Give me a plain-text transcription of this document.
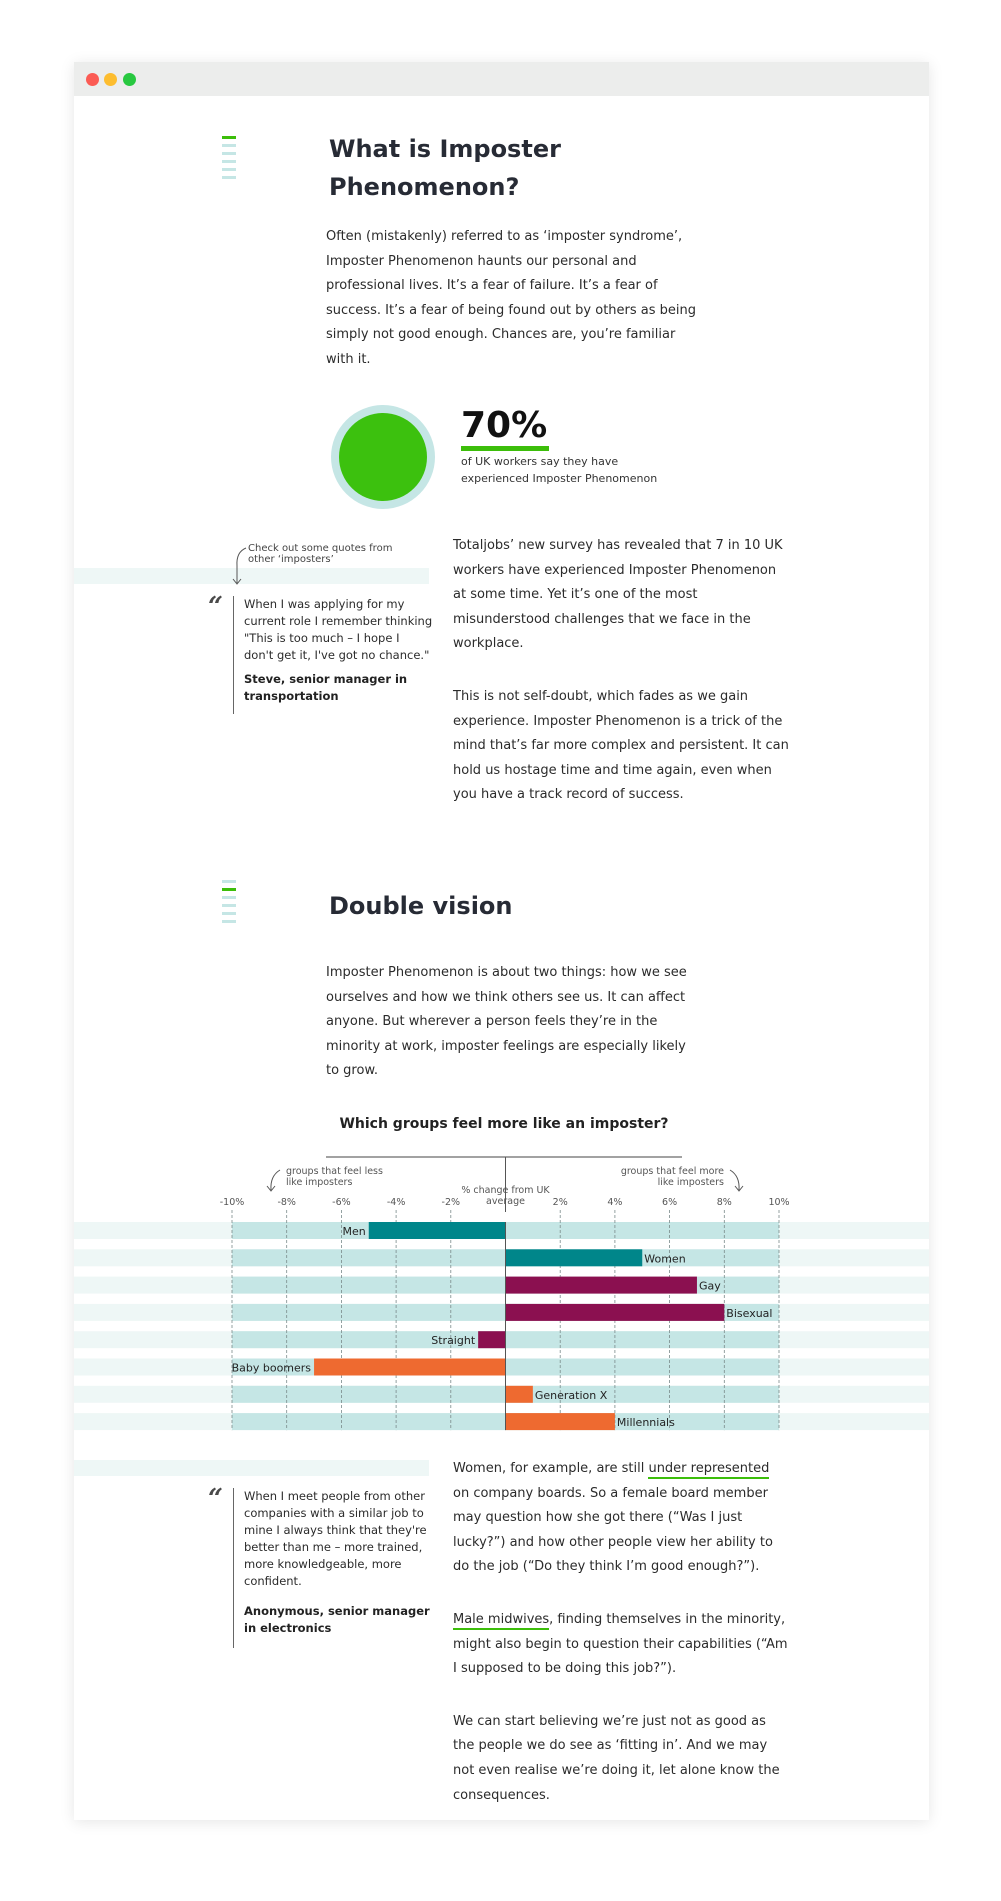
What is Imposter
Phenomenon?
Often (mistakenly) referred to as ‘imposter syndrome’,
Imposter Phenomenon haunts our personal and
professional lives. It’s a fear of failure. It’s a fear of
success. It’s a fear of being found out by others as being
simply not good enough. Chances are, you’re familiar
with it.
70%
of UK workers say they have
experienced Imposter Phenomenon
Check out some quotes from
other ‘imposters’
“ When I was applying for my
current role I remember thinking
"This is too much – I hope I
don't get it, I've got no chance."
Steve, senior manager in
transportation
Totaljobs’ new survey has revealed that 7 in 10 UK
workers have experienced Imposter Phenomenon
at some time. Yet it’s one of the most
misunderstood challenges that we face in the
workplace.
This is not self-doubt, which fades as we gain
experience. Imposter Phenomenon is a trick of the
mind that’s far more complex and persistent. It can
hold us hostage time and time again, even when
you have a track record of success.
Double vision
Imposter Phenomenon is about two things: how we see
ourselves and how we think others see us. It can affect
anyone. But wherever a person feels they’re in the
minority at work, imposter feelings are especially likely
to grow.
Which groups feel more like an imposter?
groups that feel less
like imposters
groups that feel more
like imposters
% change from UK
average
-10%	-8%	-6%	-4%	-2%	2%	4%	6%	8%	10%
Men
Women
Gay
Bisexual
Straight
Baby boomers
Generation X
Millennials
“ When I meet people from other
companies with a similar job to
mine I always think that they're
better than me – more trained,
more knowledgeable, more
confident.
Anonymous, senior manager
in electronics
Women, for example, are still under represented
on company boards. So a female board member
may question how she got there (“Was I just
lucky?”) and how other people view her ability to
do the job (“Do they think I’m good enough?”).
Male midwives, finding themselves in the minority,
might also begin to question their capabilities (“Am
I supposed to be doing this job?”).
We can start believing we’re just not as good as
the people we do see as ‘fitting in’. And we may
not even realise we’re doing it, let alone know the
consequences.
